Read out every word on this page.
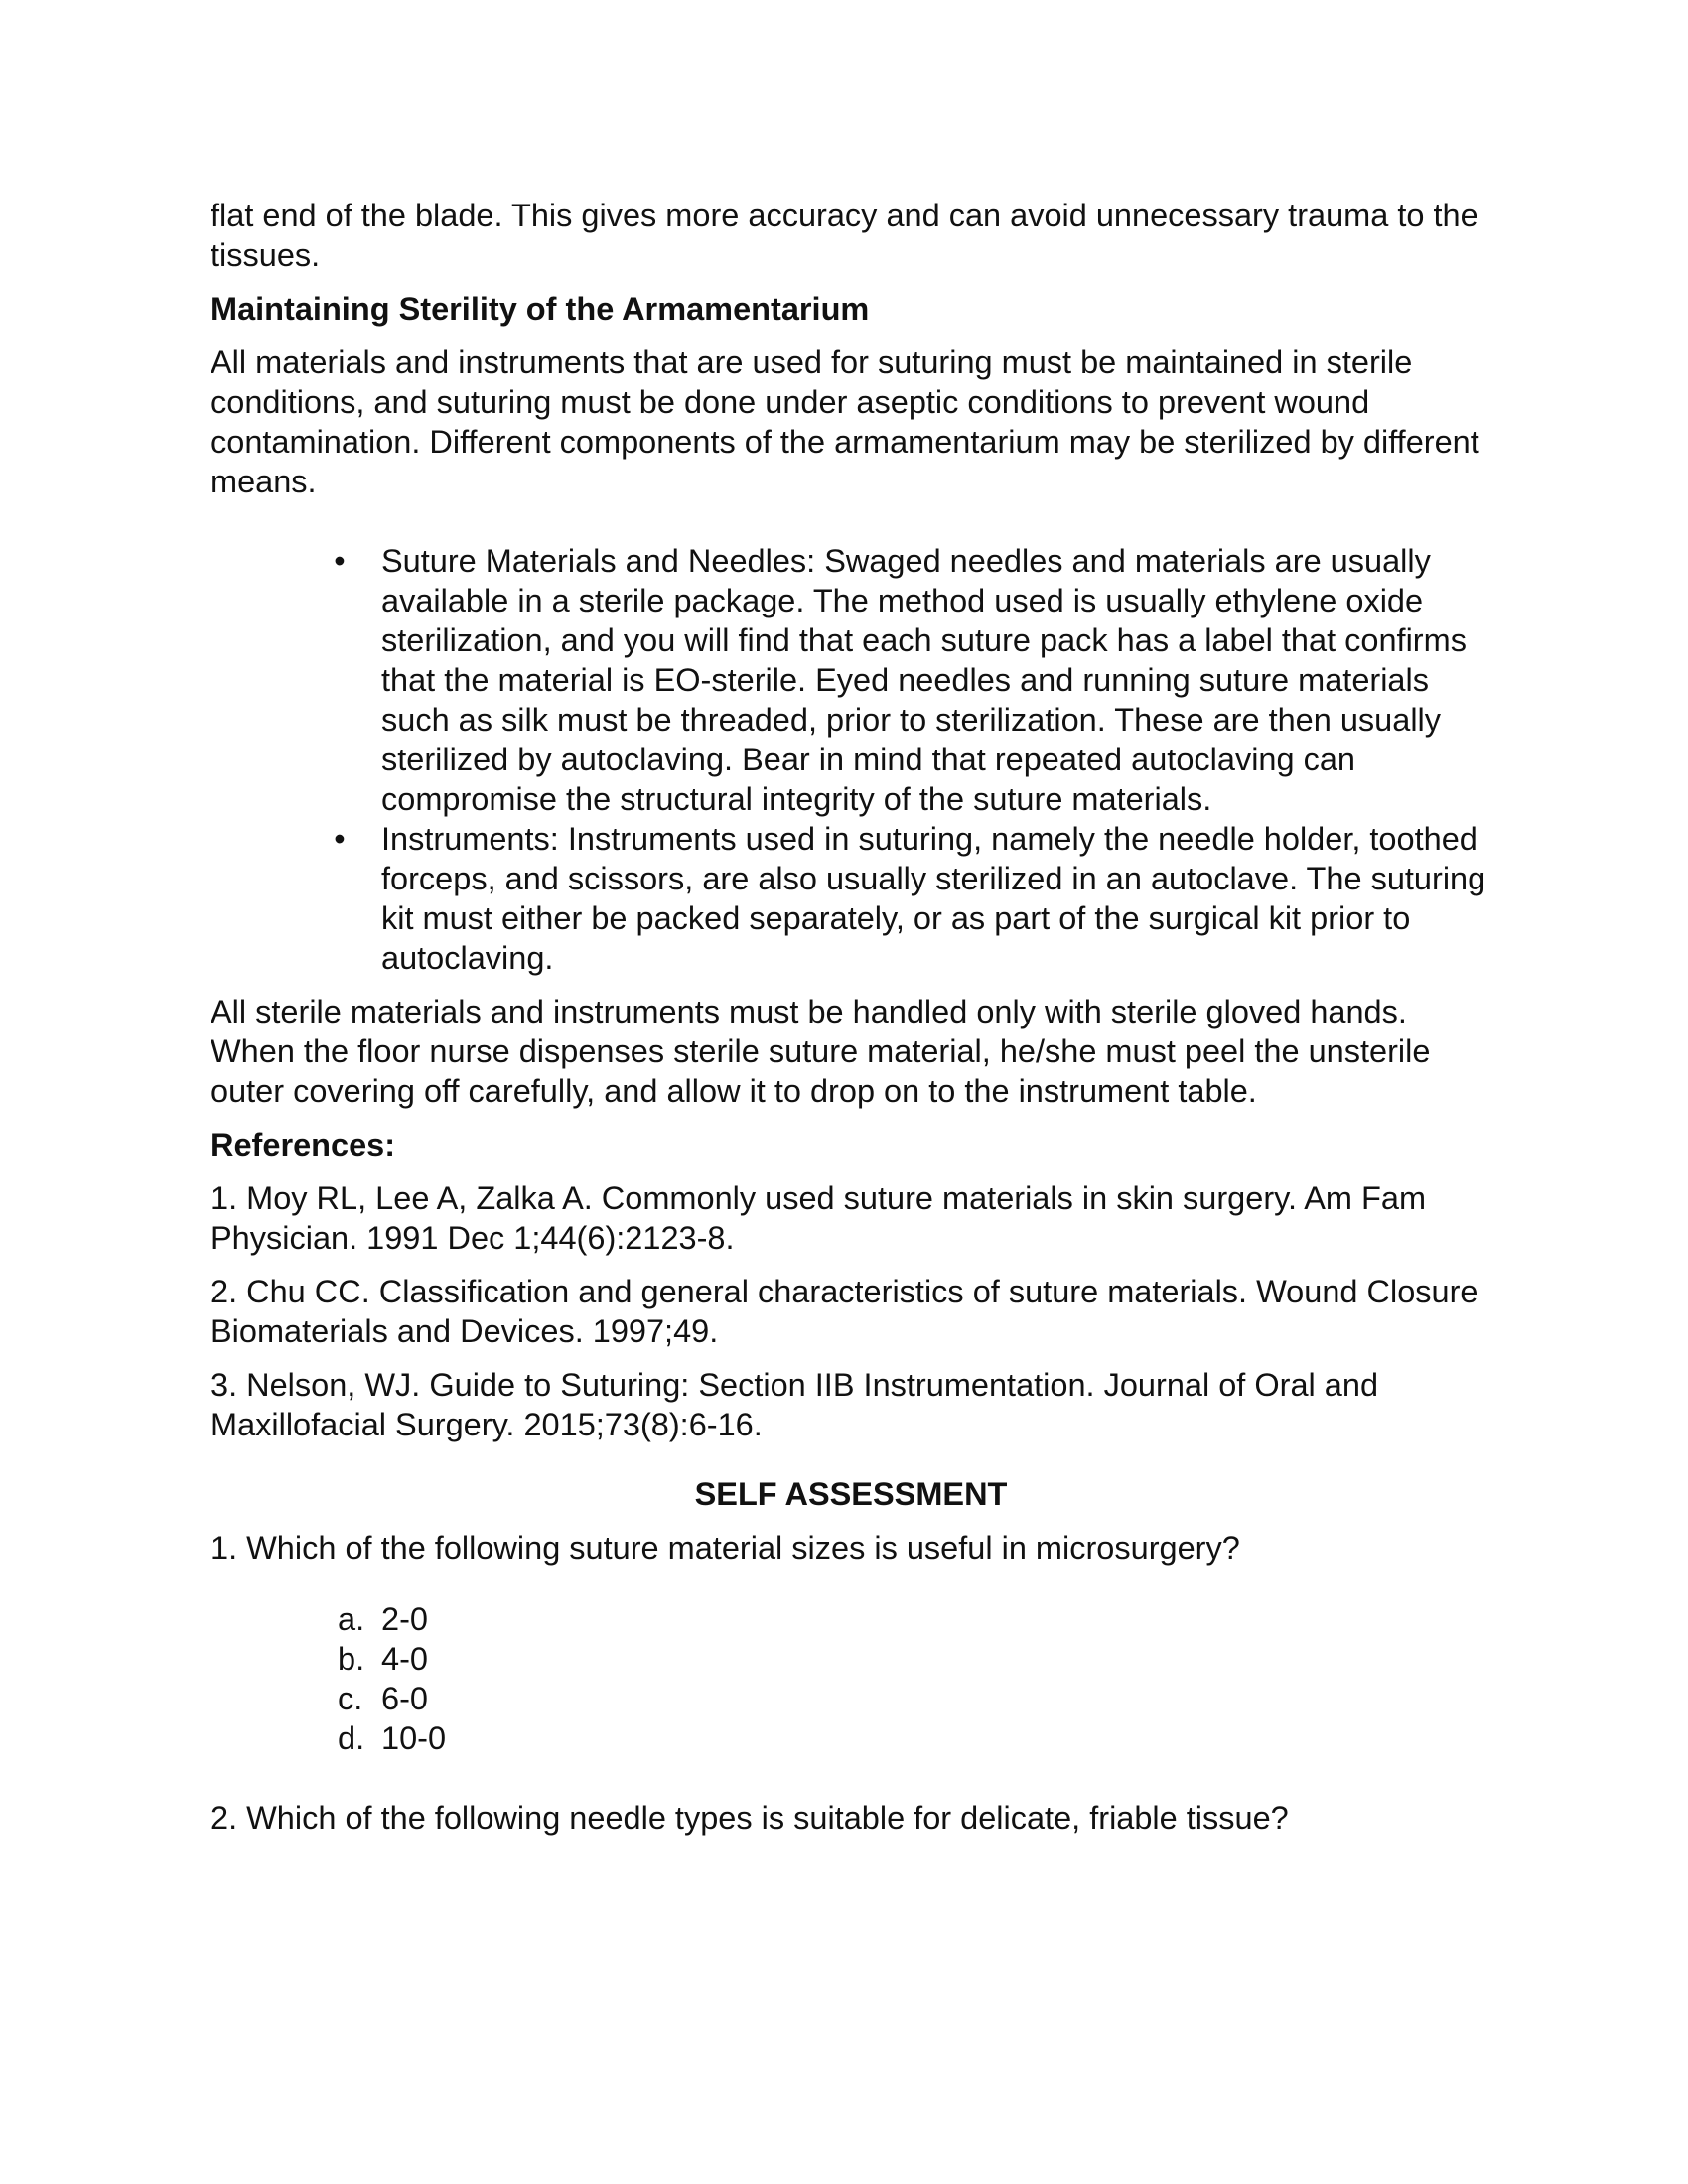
flat end of the blade. This gives more accuracy and can avoid unnecessary trauma to the tissues.

Maintaining Sterility of the Armamentarium

All materials and instruments that are used for suturing must be maintained in sterile conditions, and suturing must be done under aseptic conditions to prevent wound contamination. Different components of the armamentarium may be sterilized by different means.

• Suture Materials and Needles: Swaged needles and materials are usually available in a sterile package. The method used is usually ethylene oxide sterilization, and you will find that each suture pack has a label that confirms that the material is EO-sterile. Eyed needles and running suture materials such as silk must be threaded, prior to sterilization. These are then usually sterilized by autoclaving. Bear in mind that repeated autoclaving can compromise the structural integrity of the suture materials.
• Instruments: Instruments used in suturing, namely the needle holder, toothed forceps, and scissors, are also usually sterilized in an autoclave. The suturing kit must either be packed separately, or as part of the surgical kit prior to autoclaving.

All sterile materials and instruments must be handled only with sterile gloved hands. When the floor nurse dispenses sterile suture material, he/she must peel the unsterile outer covering off carefully, and allow it to drop on to the instrument table.

References:

1. Moy RL, Lee A, Zalka A. Commonly used suture materials in skin surgery. Am Fam Physician. 1991 Dec 1;44(6):2123-8.

2. Chu CC. Classification and general characteristics of suture materials. Wound Closure Biomaterials and Devices. 1997;49.

3. Nelson, WJ. Guide to Suturing: Section IIB Instrumentation. Journal of Oral and Maxillofacial Surgery. 2015;73(8):6-16.

SELF ASSESSMENT

1. Which of the following suture material sizes is useful in microsurgery?

a. 2-0
b. 4-0
c. 6-0
d. 10-0

2. Which of the following needle types is suitable for delicate, friable tissue?
